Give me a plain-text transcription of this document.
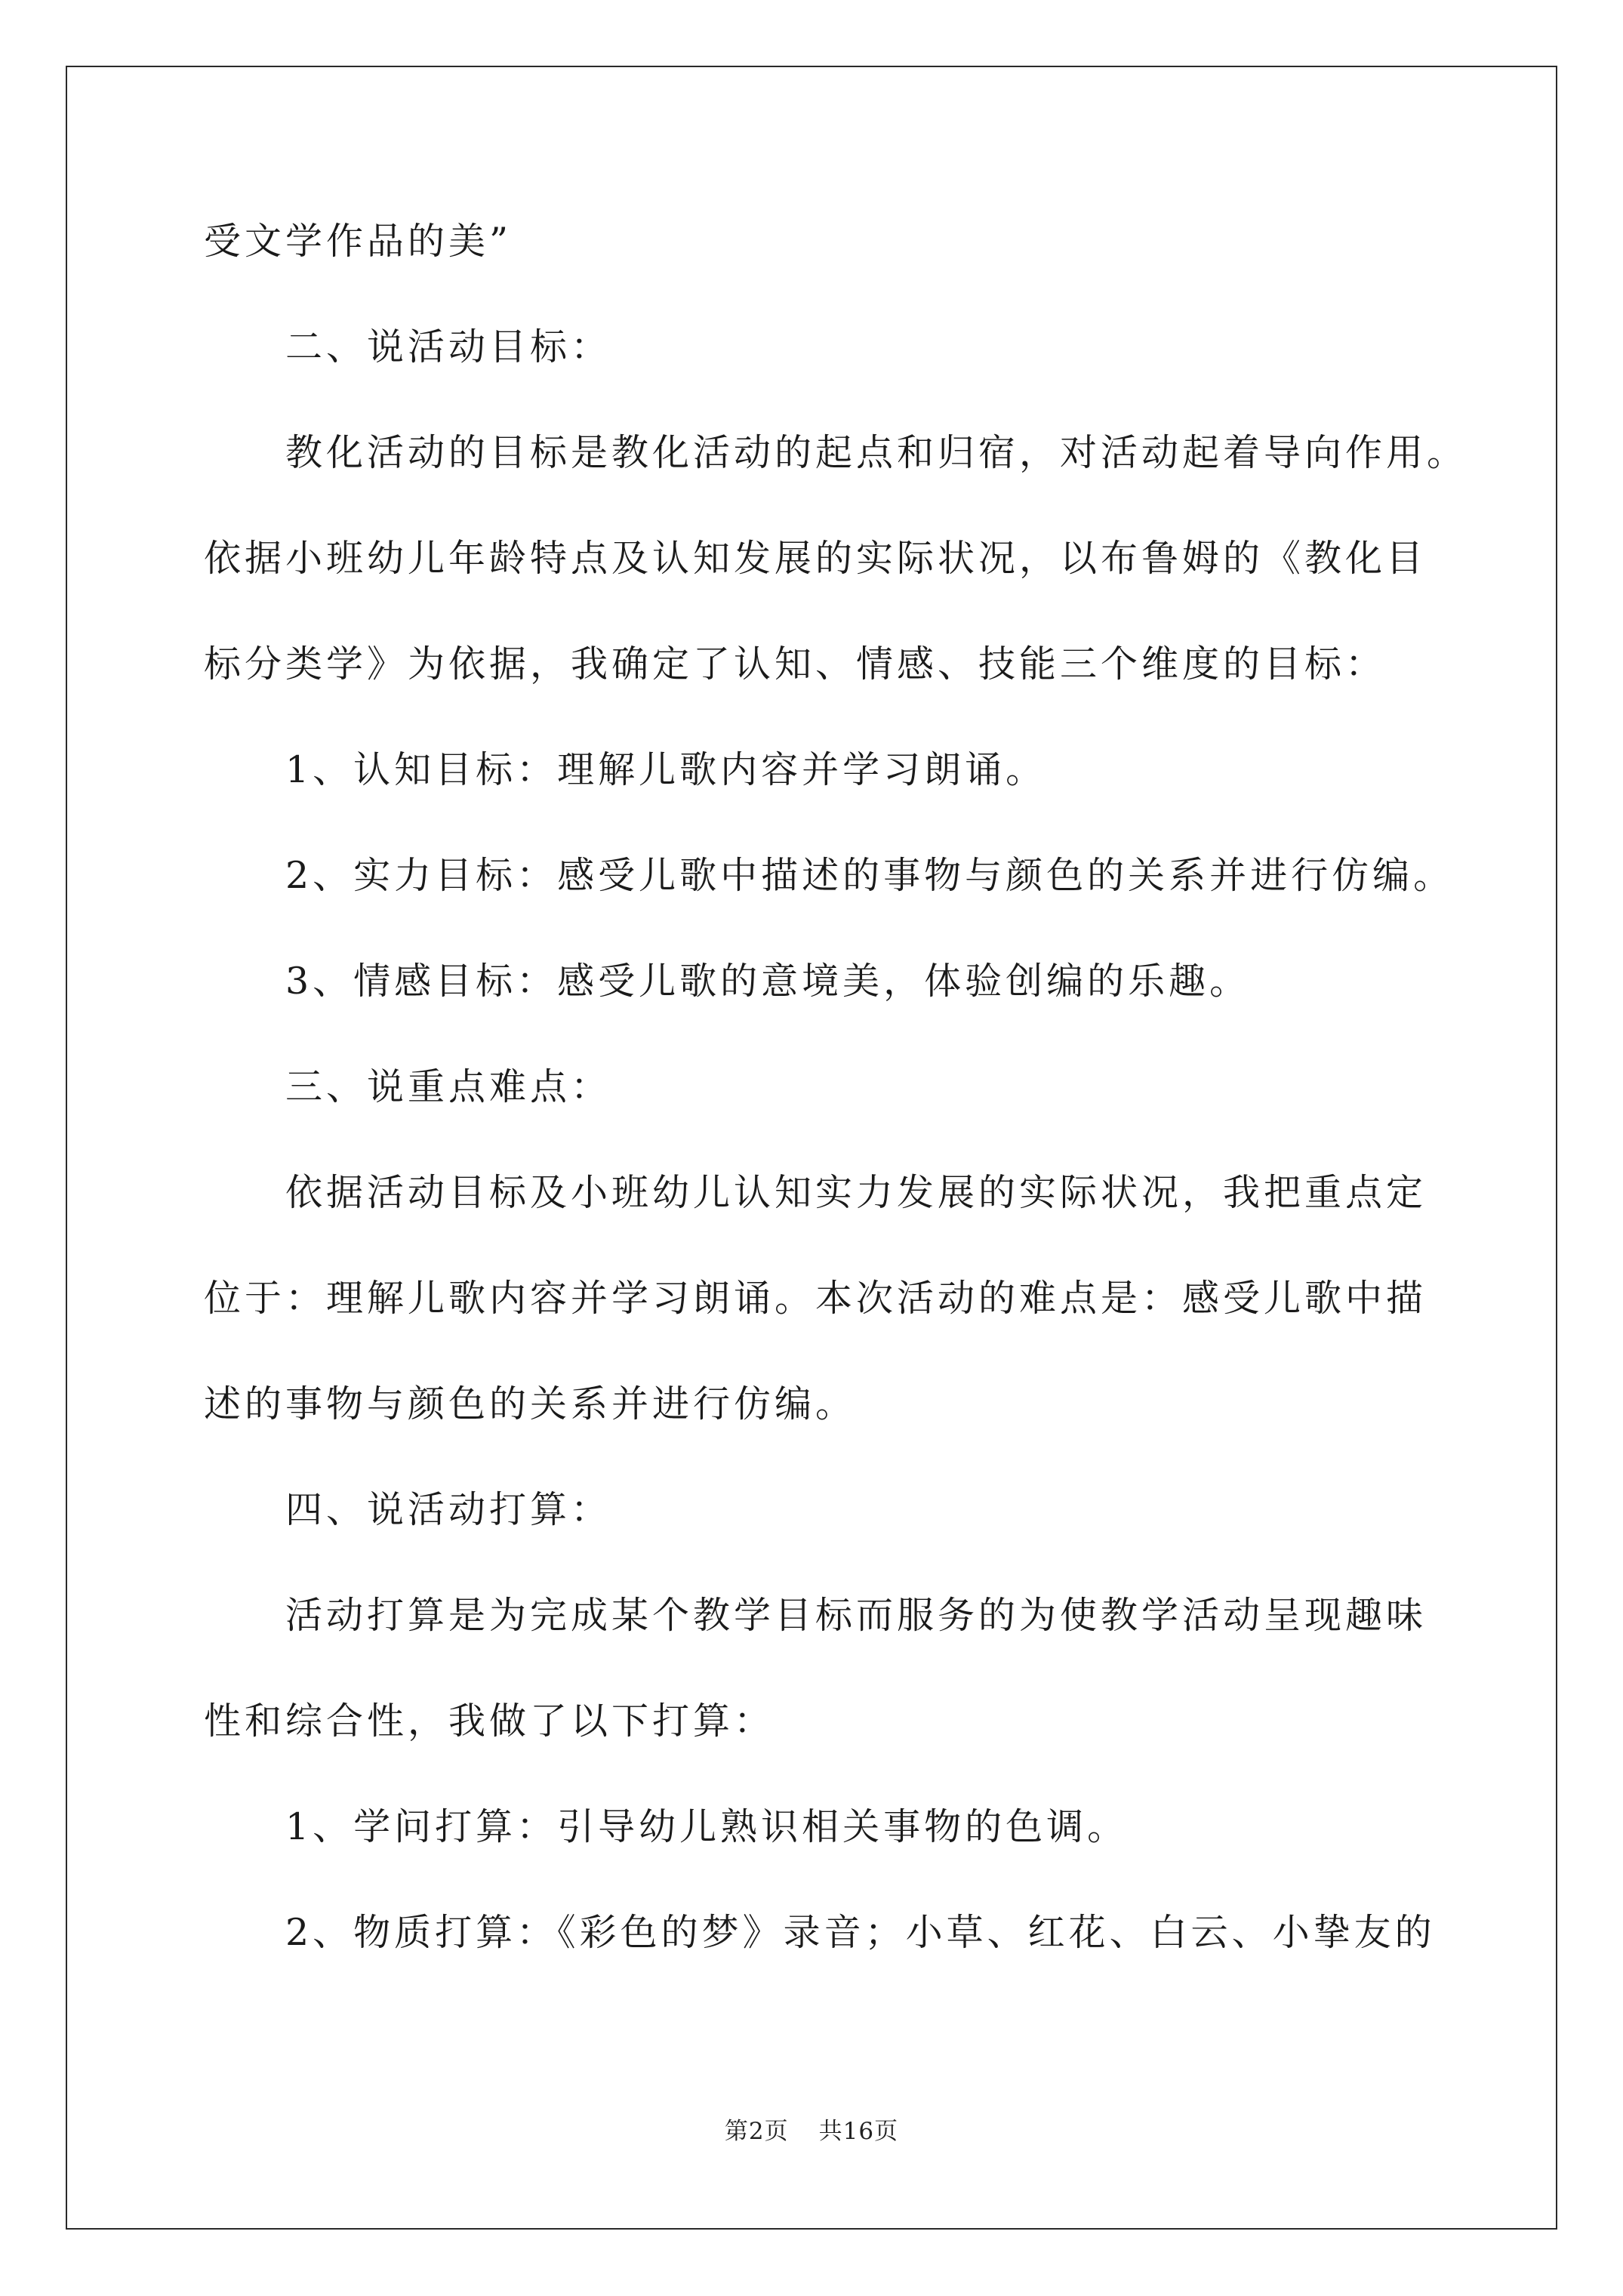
受文学作品的美”
二、说活动目标：
教化活动的目标是教化活动的起点和归宿，对活动起着导向作用。
依据小班幼儿年龄特点及认知发展的实际状况，以布鲁姆的《教化目
标分类学》为依据，我确定了认知、情感、技能三个维度的目标：
1、认知目标：理解儿歌内容并学习朗诵。
2、实力目标：感受儿歌中描述的事物与颜色的关系并进行仿编。
3、情感目标：感受儿歌的意境美，体验创编的乐趣。
三、说重点难点：
依据活动目标及小班幼儿认知实力发展的实际状况，我把重点定
位于：理解儿歌内容并学习朗诵。本次活动的难点是：感受儿歌中描
述的事物与颜色的关系并进行仿编。
四、说活动打算：
活动打算是为完成某个教学目标而服务的为使教学活动呈现趣味
性和综合性，我做了以下打算：
1、学问打算：引导幼儿熟识相关事物的色调。
2、物质打算：《彩色的梦》录音；小草、红花、白云、小挚友的
第2页 共16页
